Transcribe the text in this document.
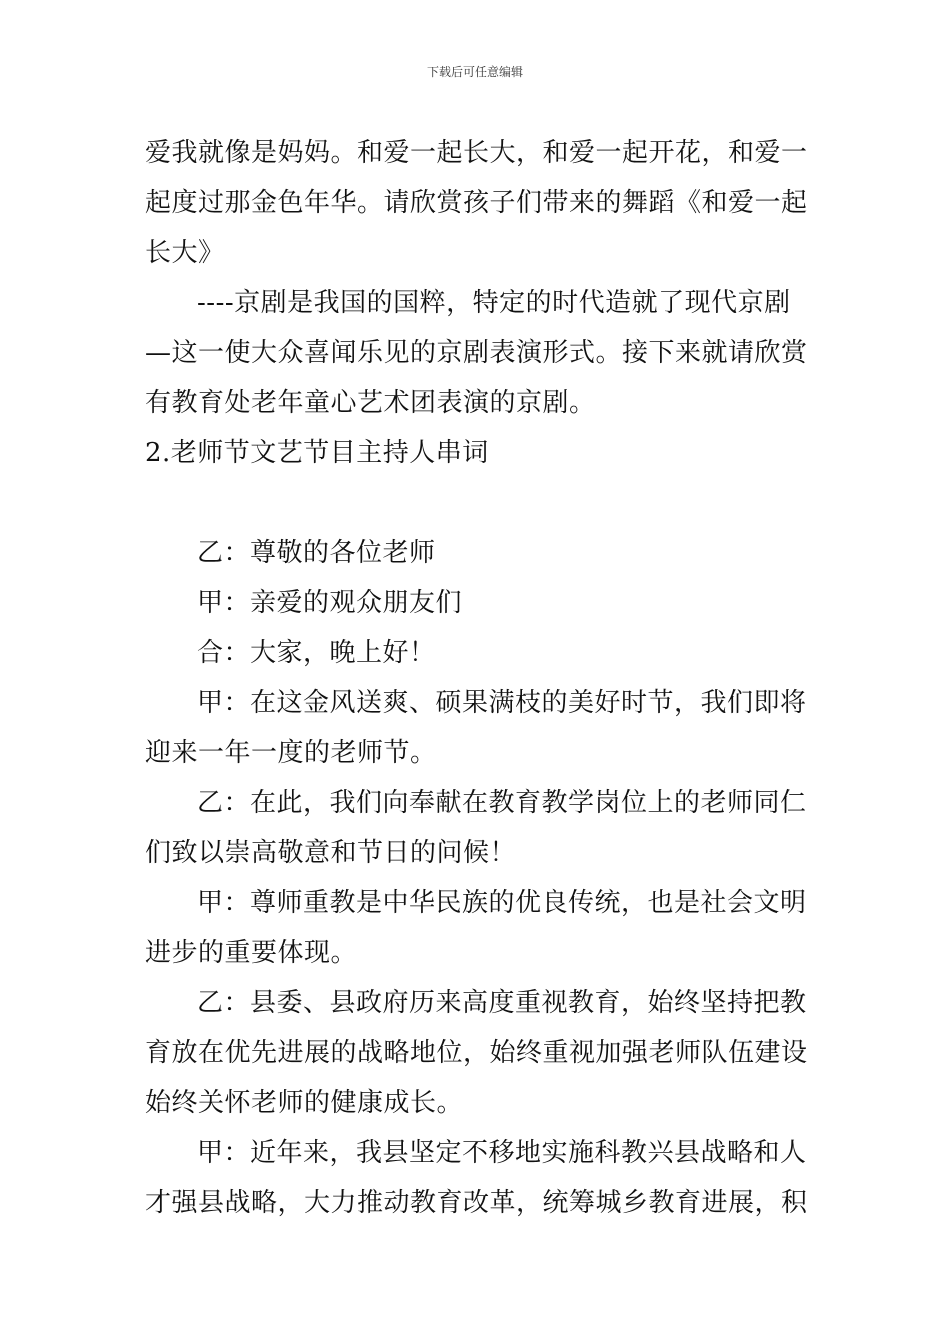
下载后可任意编辑
爱我就像是妈妈。和爱一起长大，和爱一起开花，和爱一
起度过那金色年华。请欣赏孩子们带来的舞蹈《和爱一起
长大》
----京剧是我国的国粹，特定的时代造就了现代京剧
—这一使大众喜闻乐见的京剧表演形式。接下来就请欣赏
有教育处老年童心艺术团表演的京剧。
2.老师节文艺节目主持人串词
乙：尊敬的各位老师
甲：亲爱的观众朋友们
合：大家，晚上好！
甲：在这金风送爽、硕果满枝的美好时节，我们即将
迎来一年一度的老师节。
乙：在此，我们向奉献在教育教学岗位上的老师同仁
们致以崇高敬意和节日的问候！
甲：尊师重教是中华民族的优良传统，也是社会文明
进步的重要体现。
乙：县委、县政府历来高度重视教育，始终坚持把教
育放在优先进展的战略地位，始终重视加强老师队伍建设
始终关怀老师的健康成长。
甲：近年来，我县坚定不移地实施科教兴县战略和人
才强县战略，大力推动教育改革，统筹城乡教育进展，积
